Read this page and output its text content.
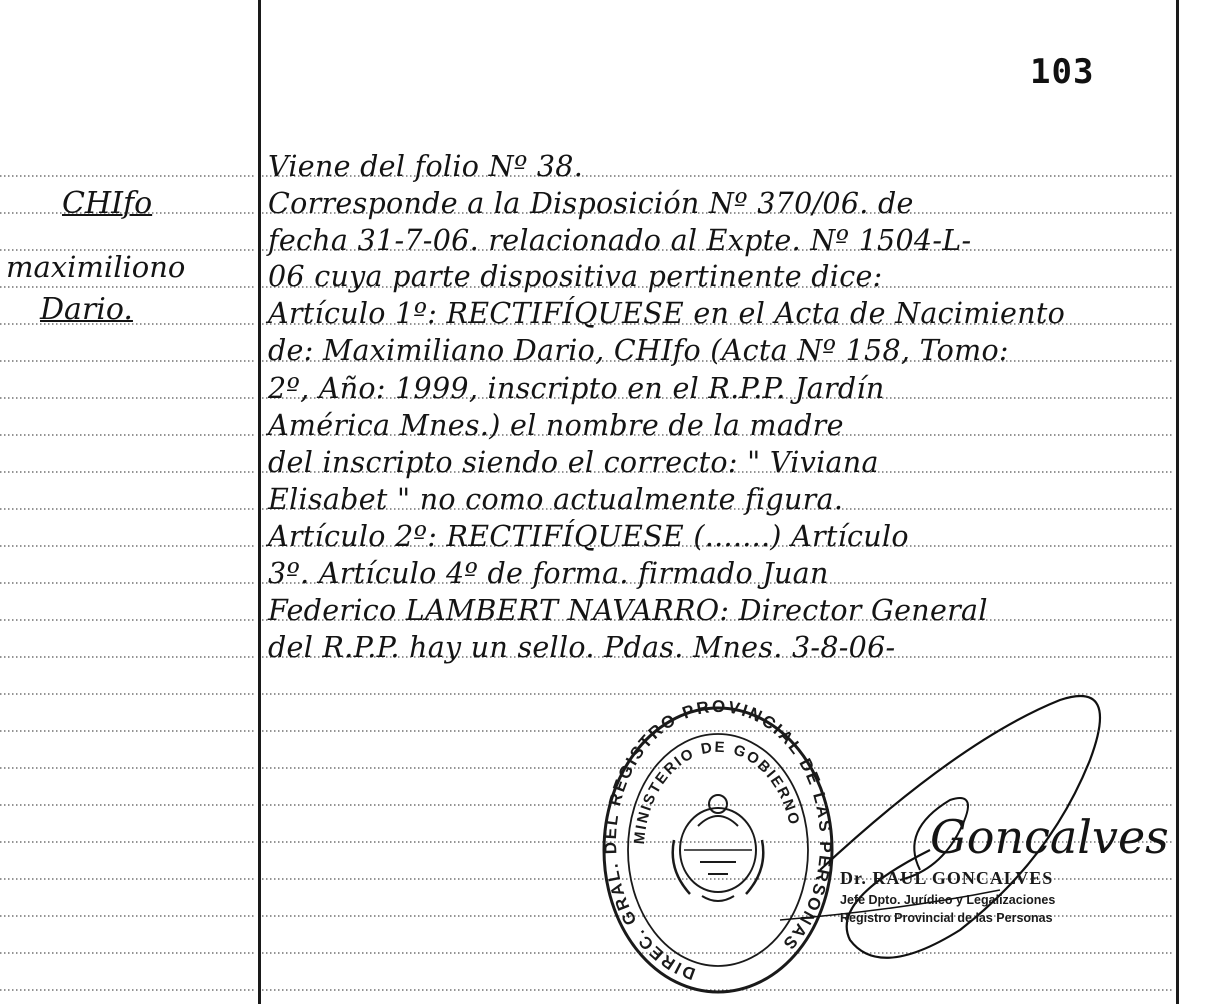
103
CHIfo
maximiliono
Dario.
Viene del folio Nº 38.
Corresponde a la Disposición Nº 370/06. de
fecha 31-7-06. relacionado al Expte. Nº 1504-L-
06 cuya parte dispositiva pertinente dice:
Artículo 1º: RECTIFÍQUESE en el Acta de Nacimiento
de: Maximiliano Dario, CHIfo (Acta Nº 158, Tomo:
2º, Año: 1999, inscripto en el R.P.P. Jardín
América Mnes.) el nombre de la madre
del inscripto siendo el correcto: " Viviana
Elisabet " no como actualmente figura.
Artículo 2º: RECTIFÍQUESE (.......) Artículo
3º. Artículo 4º de forma. firmado Juan
Federico LAMBERT NAVARRO: Director General
del R.P.P. hay un sello. Pdas. Mnes. 3-8-06-
DIREC. GRAL. DEL REGISTRO PROVINCIAL DE LAS PERSONAS
MINISTERIO DE GOBIERNO	Goncalves
Dr. RAUL GONCALVES
Jefe Dpto. Jurídico y Legalizaciones
Registro Provincial de las Personas
